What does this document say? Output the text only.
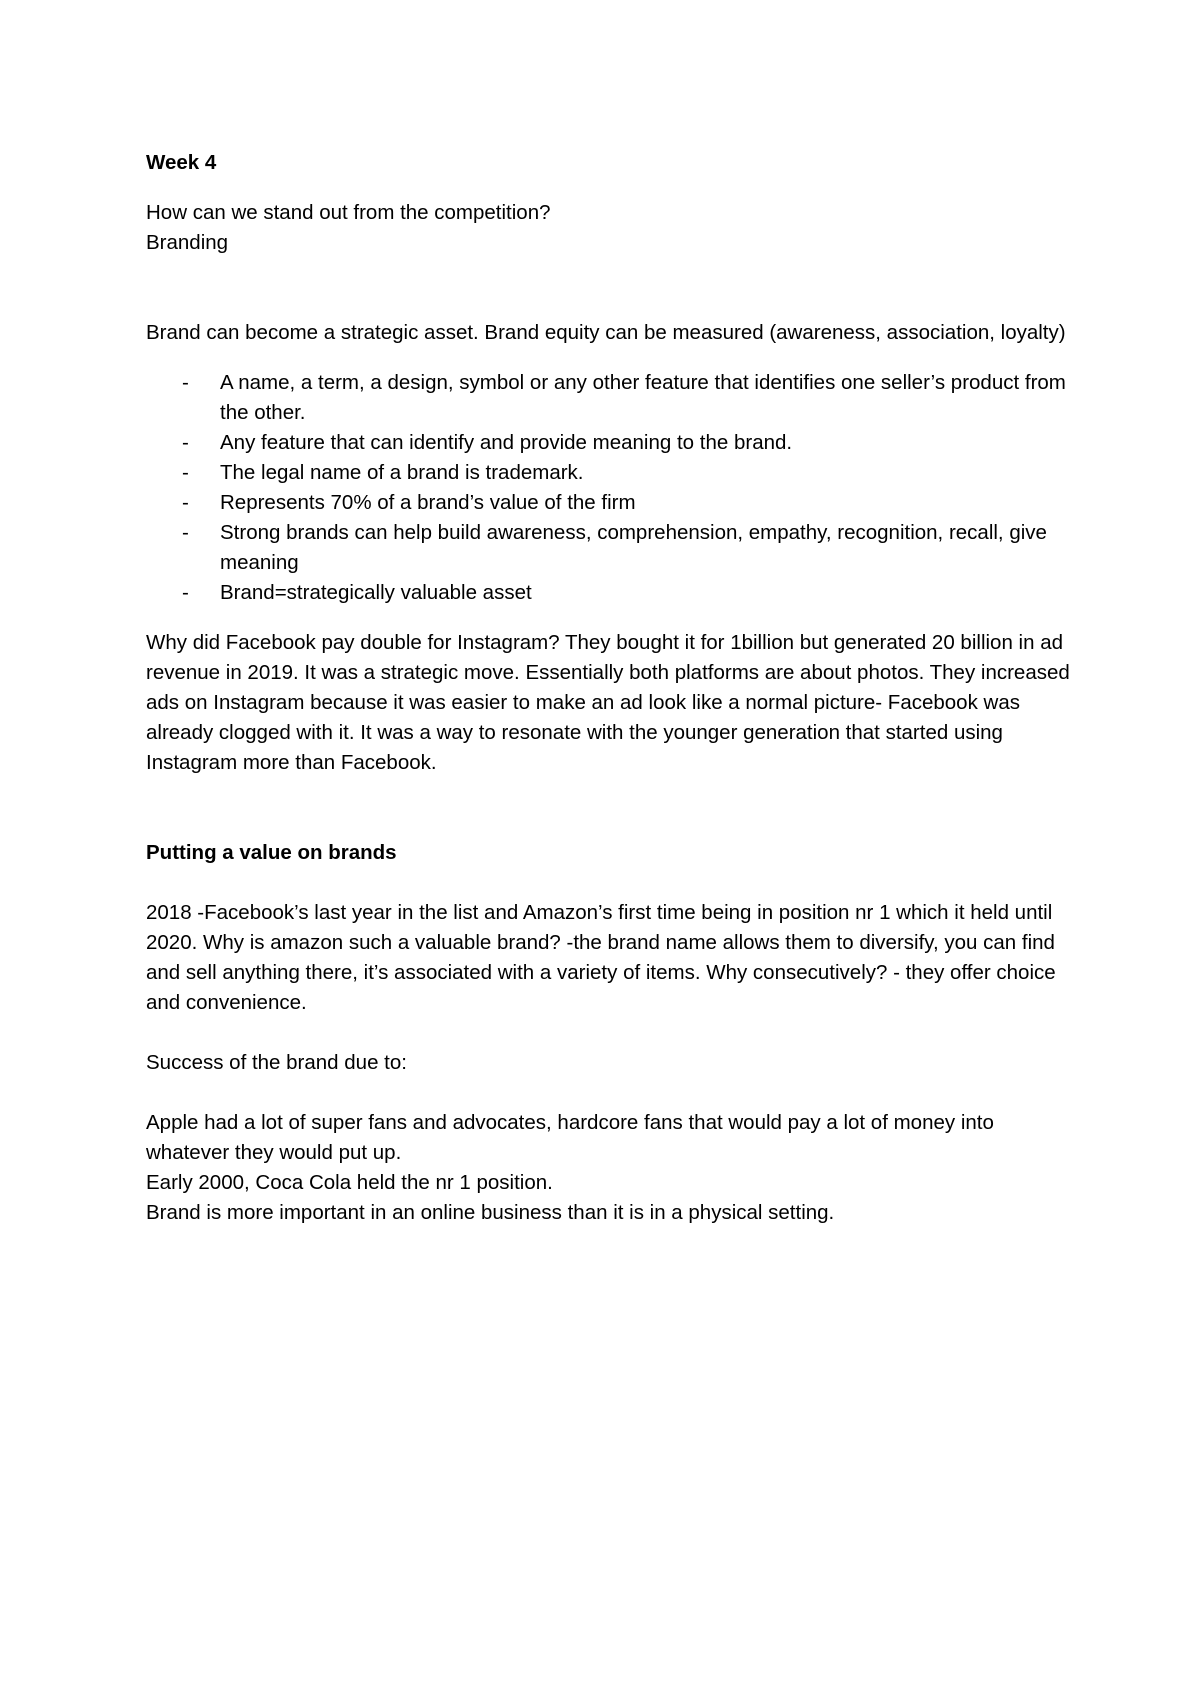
Week 4
How can we stand out from the competition?
Branding

Brand can become a strategic asset. Brand equity can be measured (awareness, association, loyalty)

- A name, a term, a design, symbol or any other feature that identifies one seller’s product from the other.
- Any feature that can identify and provide meaning to the brand.
- The legal name of a brand is trademark.
- Represents 70% of a brand’s value of the firm
- Strong brands can help build awareness, comprehension, empathy, recognition, recall, give meaning
- Brand=strategically valuable asset

Why did Facebook pay double for Instagram? They bought it for 1billion but generated 20 billion in ad revenue in 2019. It was a strategic move. Essentially both platforms are about photos. They increased ads on Instagram because it was easier to make an ad look like a normal picture- Facebook was already clogged with it. It was a way to resonate with the younger generation that started using Instagram more than Facebook.

Putting a value on brands

2018 -Facebook’s last year in the list and Amazon’s first time being in position nr 1 which it held until 2020. Why is amazon such a valuable brand? -the brand name allows them to diversify, you can find and sell anything there, it’s associated with a variety of items. Why consecutively? - they offer choice and convenience.

Success of the brand due to:

Apple had a lot of super fans and advocates, hardcore fans that would pay a lot of money into whatever they would put up.

Early 2000, Coca Cola held the nr 1 position.
Brand is more important in an online business than it is in a physical setting.
